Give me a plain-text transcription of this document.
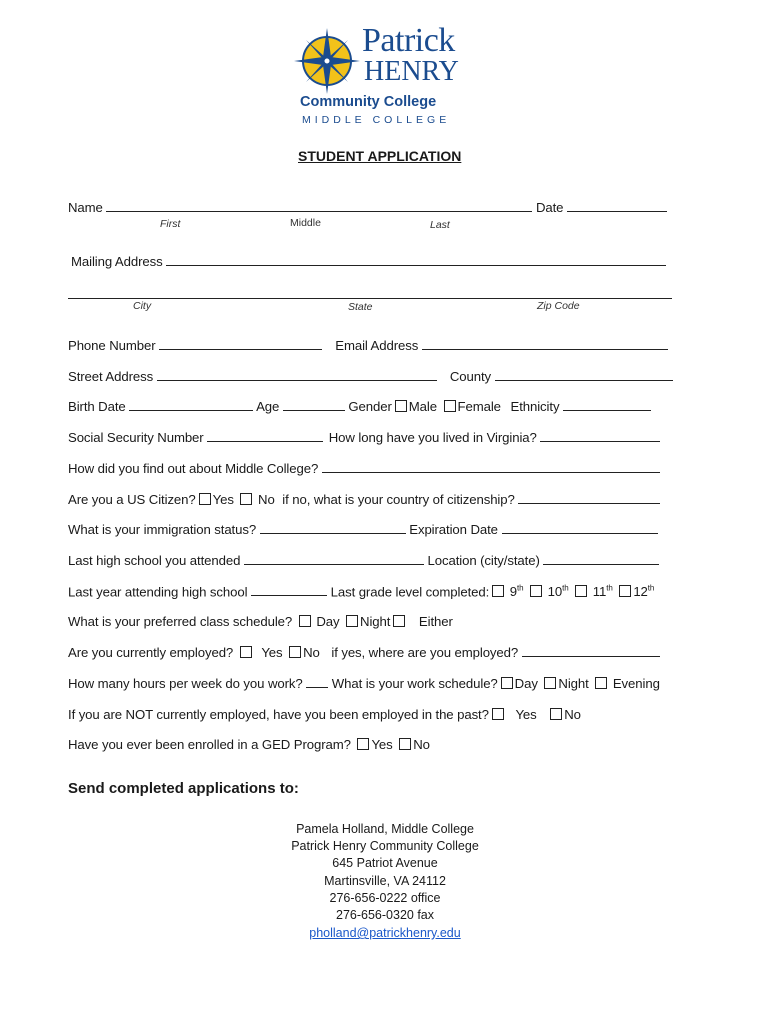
Patrick
HENRY
Community College
MIDDLE COLLEGE
STUDENT APPLICATION
Name	Date
First	Middle	Last
Mailing Address
City	State	Zip Code
Phone Number	Email Address
Street Address	County
Birth Date	Age	Gender Male Female Ethnicity
Social Security Number	How long have you lived in Virginia?
How did you find out about Middle College?
Are you a US Citizen? Yes No if no, what is your country of citizenship?
What is your immigration status?	Expiration Date
Last high school you attended	Location (city/state)
Last year attending high school	Last grade level completed: 9th 10th 11th 12th
What is your preferred class schedule? Day Night Either
Are you currently employed? Yes No if yes, where are you employed?
How many hours per week do you work? What is your work schedule? Day Night Evening
If you are NOT currently employed, have you been employed in the past? Yes No
Have you ever been enrolled in a GED Program? Yes No
Send completed applications to:
Pamela Holland, Middle College
Patrick Henry Community College
645 Patriot Avenue
Martinsville, VA 24112
276-656-0222 office
276-656-0320 fax
pholland@patrickhenry.edu
